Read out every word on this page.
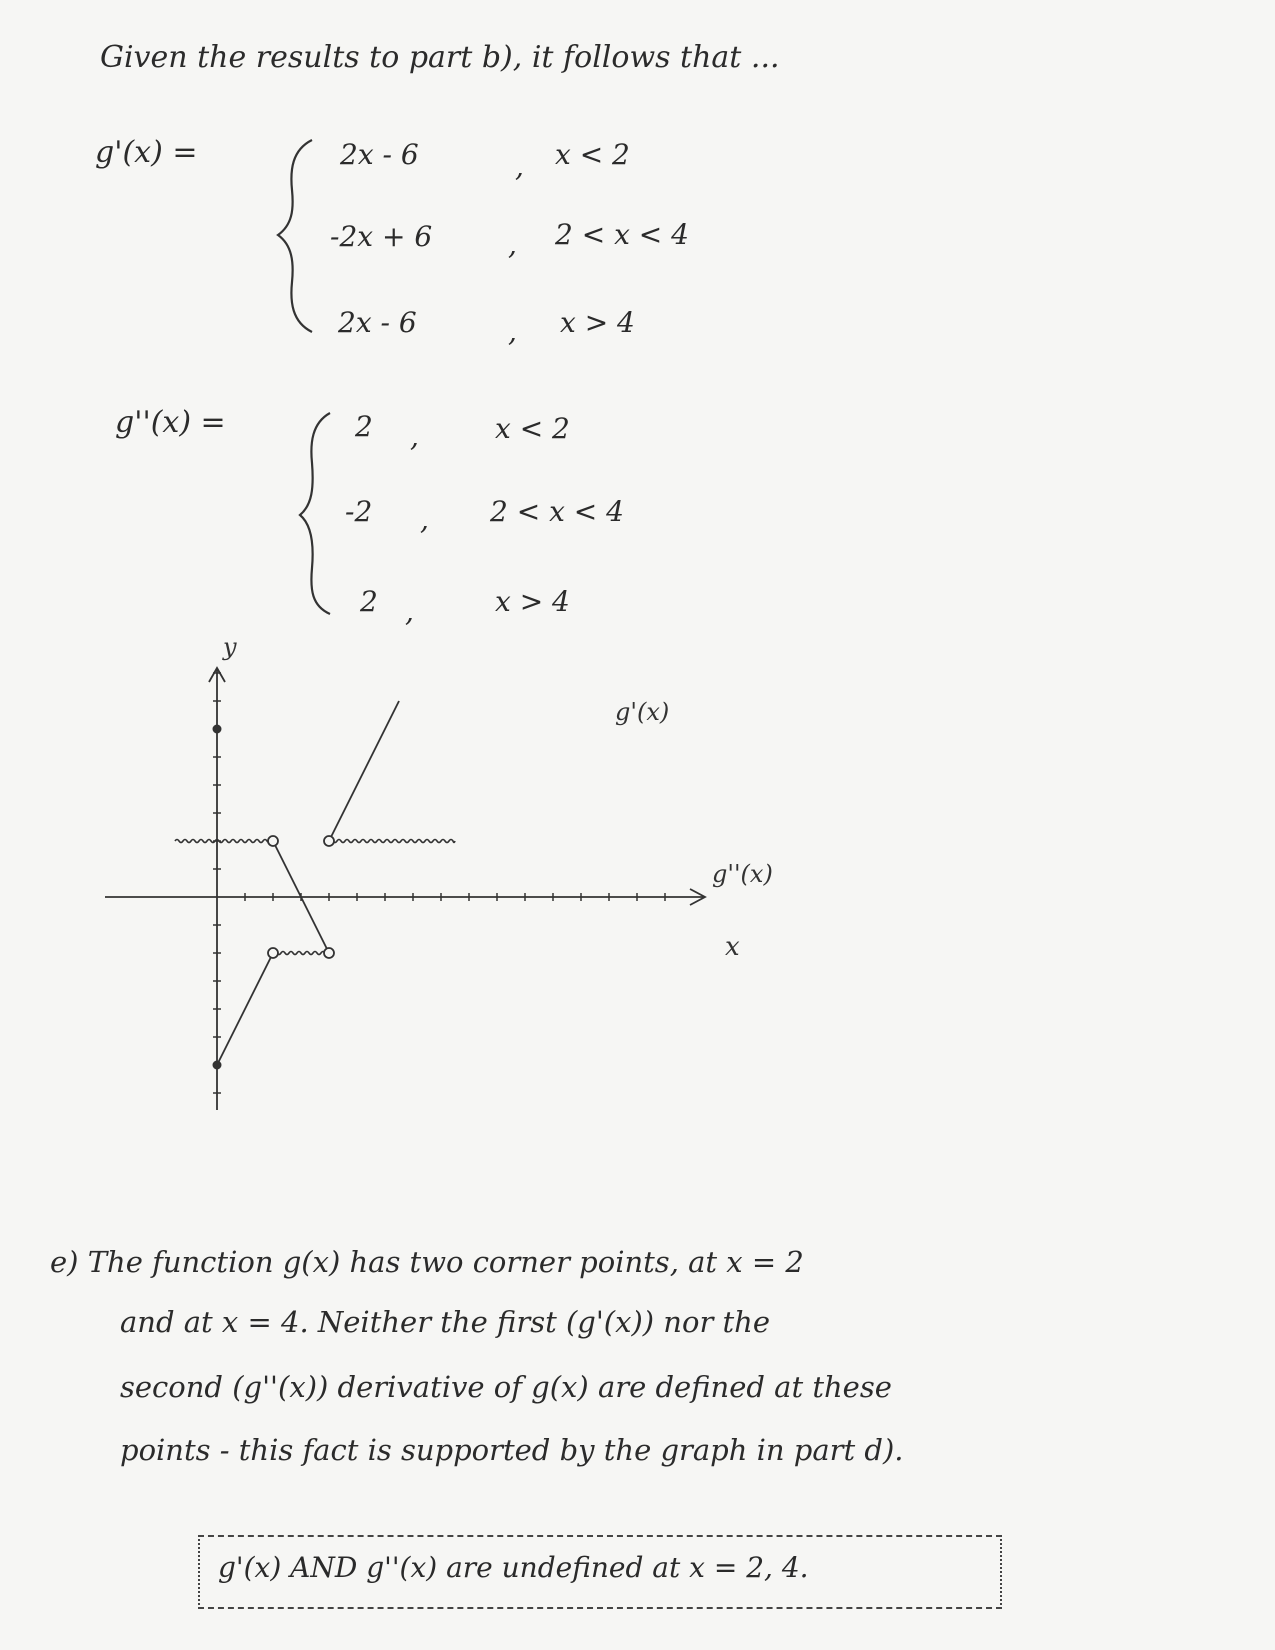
Given the results to part b), it follows that ...
g'(x) =	2x - 6	, x < 2
-2x + 6	, 2 < x < 4
2x - 6	, x > 4
g''(x) =	2 ,	x < 2
-2 , 2 < x < 4
2 ,	x > 4
y
x
g'(x)
g''(x)
e) The function g(x) has two corner points, at x = 2
and at x = 4. Neither the first (g'(x)) nor the
second (g''(x)) derivative of g(x) are defined at these
points - this fact is supported by the graph in part d).
g'(x) AND g''(x) are undefined at x = 2, 4.
